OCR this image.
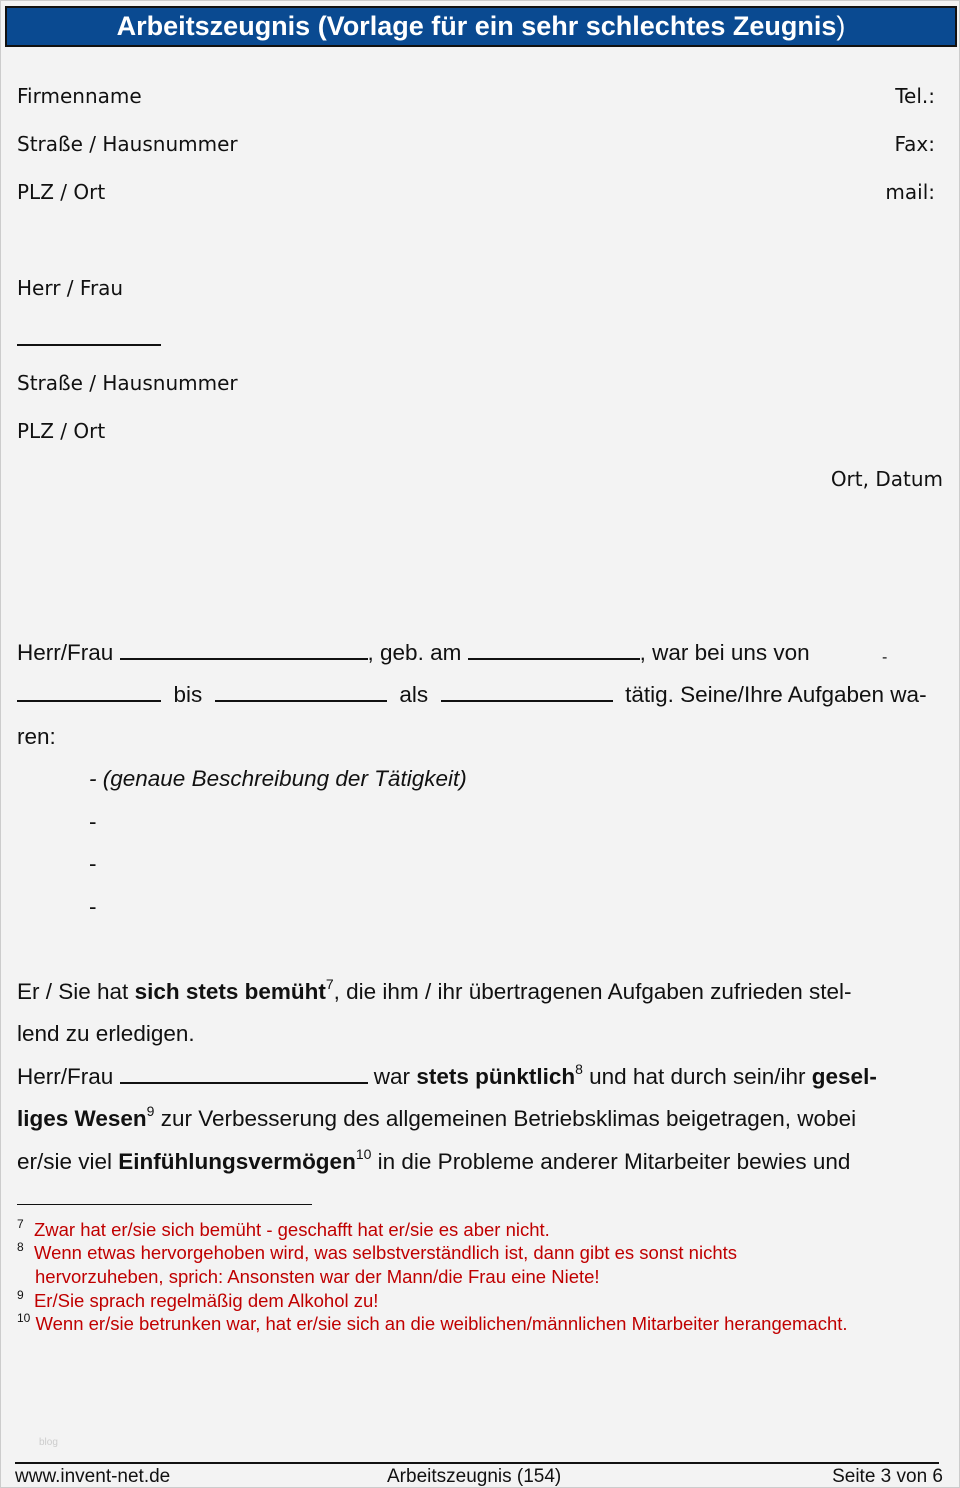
Arbeitszeugnis (Vorlage für ein sehr schlechtes Zeugnis)
Firmenname
Straße / Hausnummer
PLZ / Ort
Tel.:
Fax:
mail:
Herr / Frau
Straße / Hausnummer
PLZ / Ort
Ort, Datum
Herr/Frau	, geb. am	, war bei uns von	-
bis	als	tätig. Seine/Ihre Aufgaben wa-
ren:
- (genaue Beschreibung der Tätigkeit)
-
-
-
Er / Sie hat sich stets bemüht$^7$, die ihm / ihr übertragenen Aufgaben zufrieden stel-
lend zu erledigen.
Herr/Frau	war stets pünktlich$^8$ und hat durch sein/ihr gesel-
liges Wesen$^9$ zur Verbesserung des allgemeinen Betriebsklimas beigetragen, wobei
er/sie viel Einfühlungsvermögen$^{10}$ in die Probleme anderer Mitarbeiter bewies und
$^7$ Zwar hat er/sie sich bemüht - geschafft hat er/sie es aber nicht.
$^8$ Wenn etwas hervorgehoben wird, was selbstverständlich ist, dann gibt es sonst nichts
hervorzuheben, sprich: Ansonsten war der Mann/die Frau eine Niete!
$^9$ Er/Sie sprach regelmäßig dem Alkohol zu!
$^{10}$ Wenn er/sie betrunken war, hat er/sie sich an die weiblichen/männlichen Mitarbeiter herangemacht.
blog
www.invent-net.de	Arbeitszeugnis (154)	Seite 3 von 6
